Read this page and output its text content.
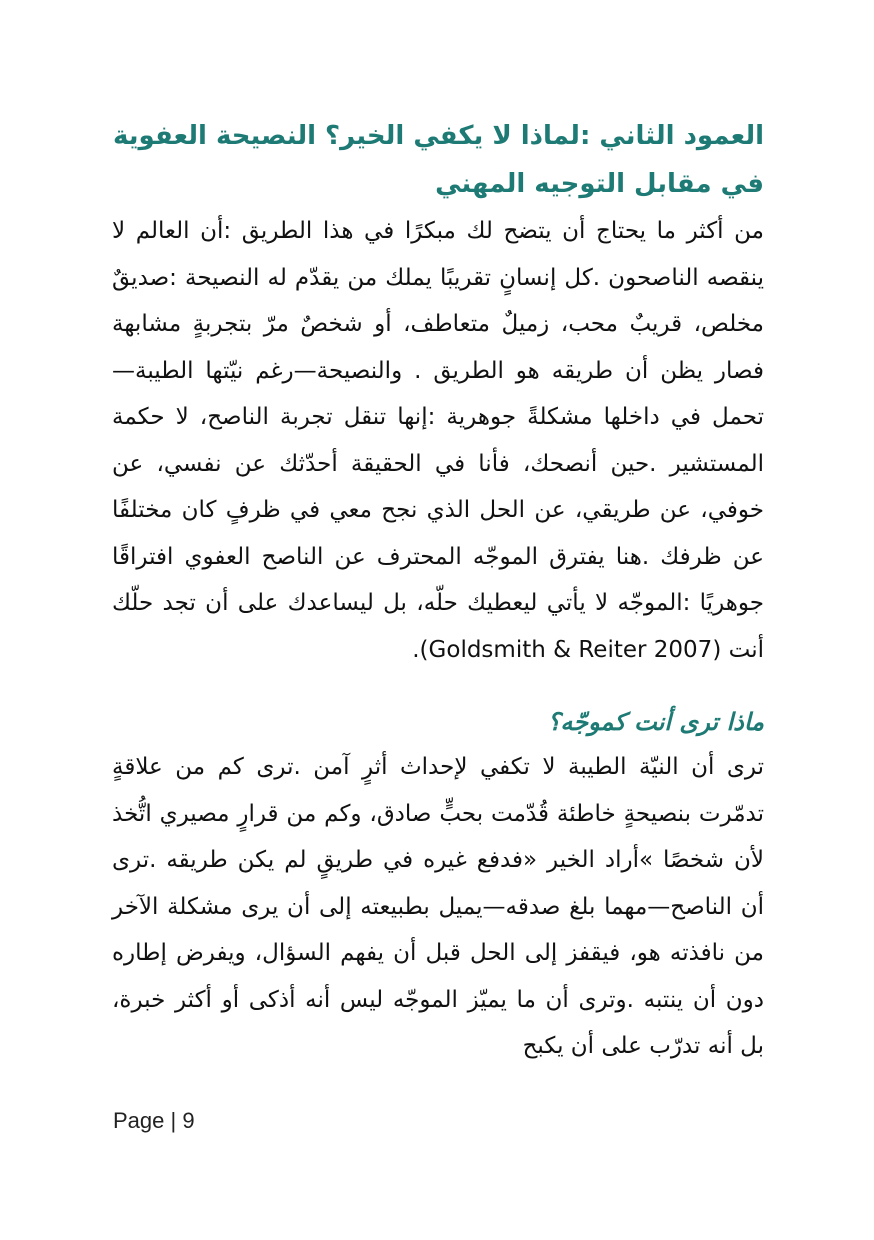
العمود الثاني :لماذا لا يكفي الخير؟ النصيحة العفوية في مقابل التوجيه المهني

من أكثر ما يحتاج أن يتضح لك مبكرًا في هذا الطريق :أن العالم لا ينقصه الناصحون .كل إنسانٍ تقريبًا يملك من يقدّم له النصيحة :صديقٌ مخلص، قريبٌ محب، زميلٌ متعاطف، أو شخصٌ مرّ بتجربةٍ مشابهة فصار يظن أن طريقه هو الطريق . والنصيحة—رغم نيّتها الطيبة—تحمل في داخلها مشكلةً جوهرية :إنها تنقل تجربة الناصح، لا حكمة المستشير .حين أنصحك، فأنا في الحقيقة أحدّثك عن نفسي، عن خوفي، عن طريقي، عن الحل الذي نجح معي في ظرفٍ كان مختلفًا عن ظرفك .هنا يفترق الموجّه المحترف عن الناصح العفوي افتراقًا جوهريًا :الموجّه لا يأتي ليعطيك حلّه، بل ليساعدك على أن تجد حلّك أنت (Goldsmith & Reiter 2007).

ماذا ترى أنت كموجّه؟

ترى أن النيّة الطيبة لا تكفي لإحداث أثرٍ آمن .ترى كم من علاقةٍ تدمّرت بنصيحةٍ خاطئة قُدّمت بحبٍّ صادق، وكم من قرارٍ مصيري اتُّخذ لأن شخصًا »أراد الخير «فدفع غيره في طريقٍ لم يكن طريقه .ترى أن الناصح—مهما بلغ صدقه—يميل بطبيعته إلى أن يرى مشكلة الآخر من نافذته هو، فيقفز إلى الحل قبل أن يفهم السؤال، ويفرض إطاره دون أن ينتبه .وترى أن ما يميّز الموجّه ليس أنه أذكى أو أكثر خبرة، بل أنه تدرّب على أن يكبح

Page | 9
